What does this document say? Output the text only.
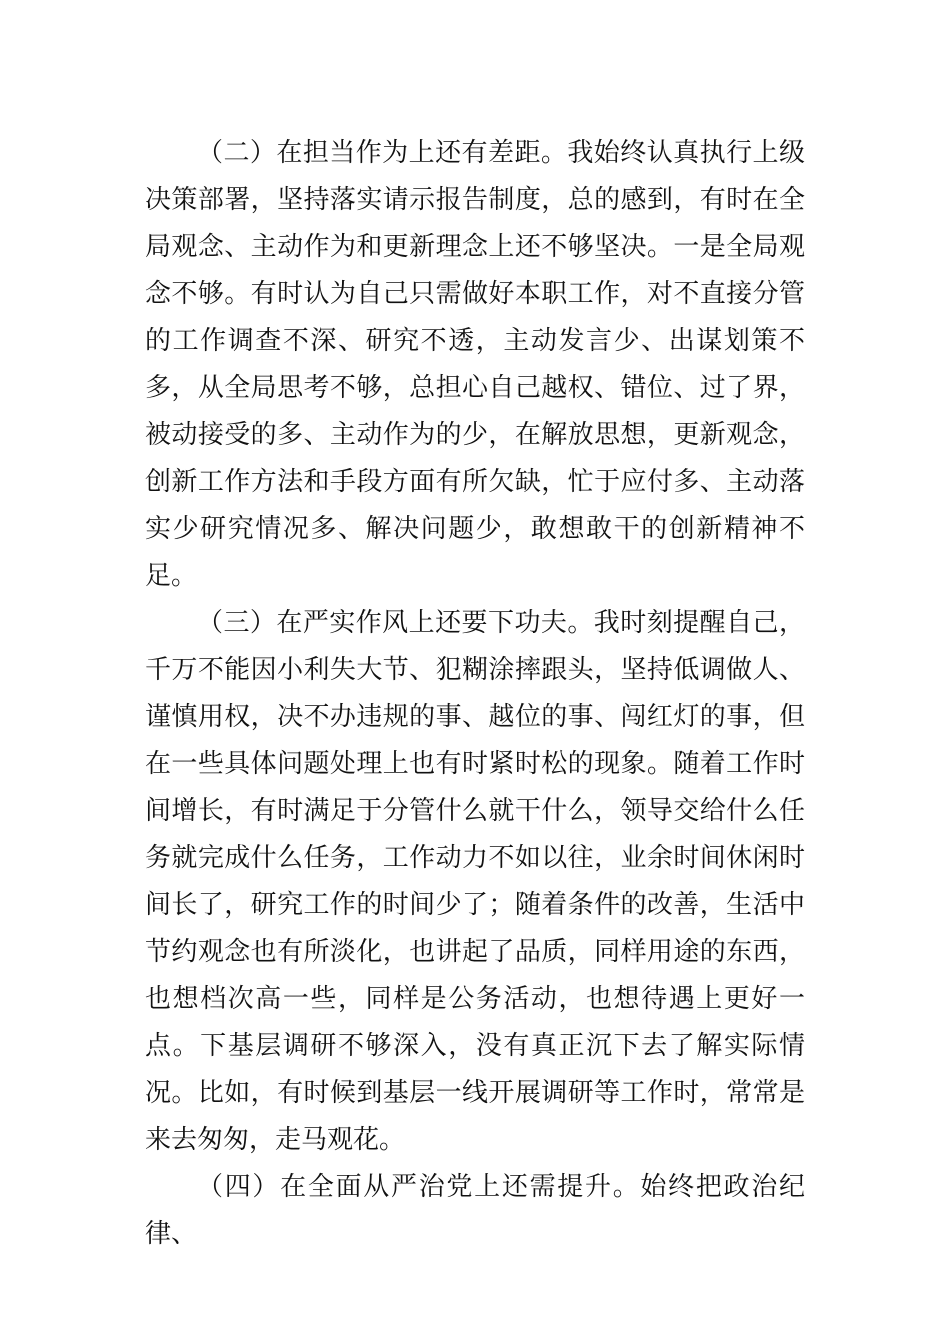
（二）在担当作为上还有差距。我始终认真执行上级决策部署，坚持落实请示报告制度，总的感到，有时在全局观念、主动作为和更新理念上还不够坚决。一是全局观念不够。有时认为自己只需做好本职工作，对不直接分管的工作调查不深、研究不透，主动发言少、出谋划策不多，从全局思考不够，总担心自己越权、错位、过了界，被动接受的多、主动作为的少，在解放思想，更新观念，创新工作方法和手段方面有所欠缺，忙于应付多、主动落实少研究情况多、解决问题少，敢想敢干的创新精神不足。

（三）在严实作风上还要下功夫。我时刻提醒自己，千万不能因小利失大节、犯糊涂摔跟头，坚持低调做人、谨慎用权，决不办违规的事、越位的事、闯红灯的事，但在一些具体问题处理上也有时紧时松的现象。随着工作时间增长，有时满足于分管什么就干什么，领导交给什么任务就完成什么任务，工作动力不如以往，业余时间休闲时间长了，研究工作的时间少了；随着条件的改善，生活中节约观念也有所淡化，也讲起了品质，同样用途的东西，也想档次高一些，同样是公务活动，也想待遇上更好一点。下基层调研不够深入，没有真正沉下去了解实际情况。比如，有时候到基层一线开展调研等工作时，常常是来去匆匆，走马观花。

（四）在全面从严治党上还需提升。始终把政治纪律、
